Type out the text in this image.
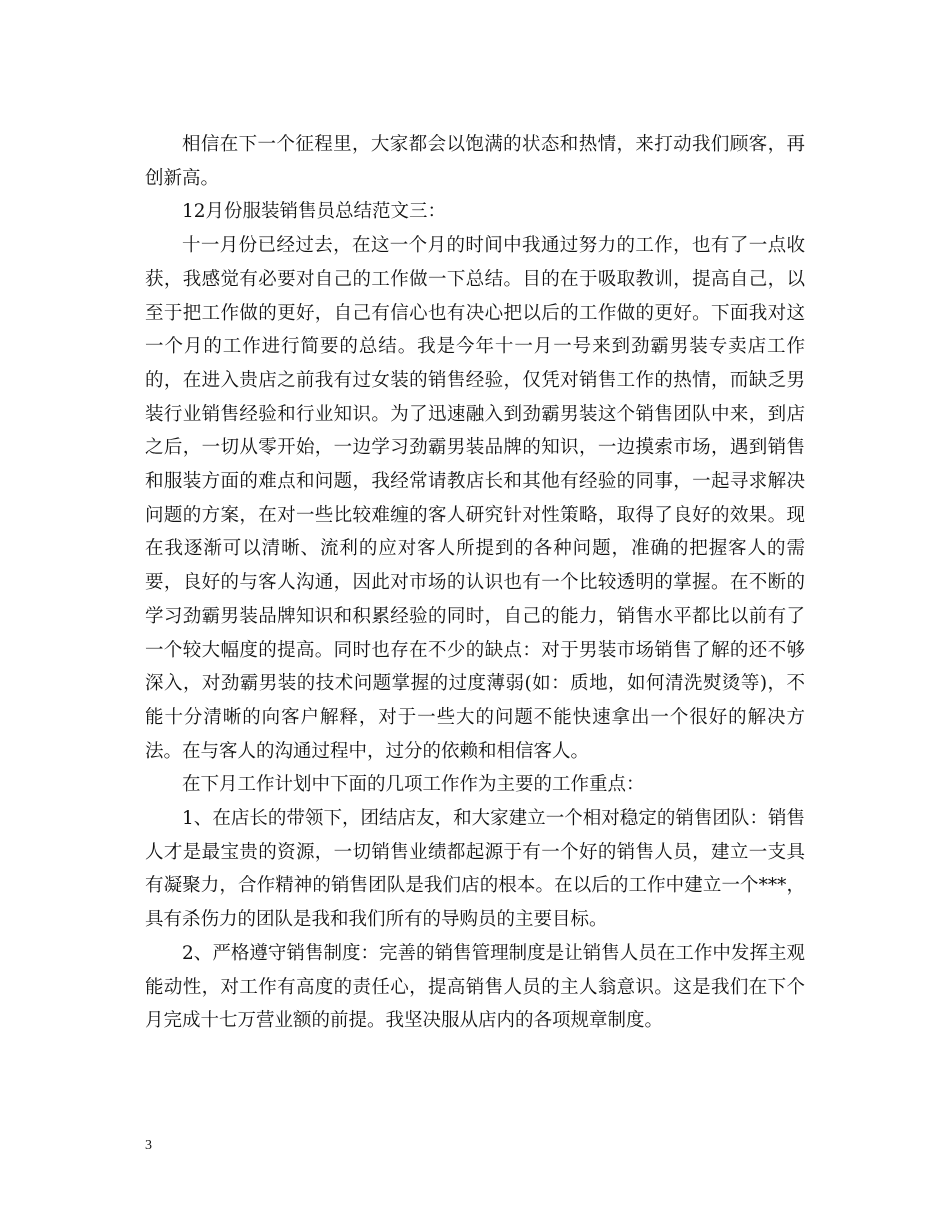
相信在下一个征程里，大家都会以饱满的状态和热情，来打动我们顾客，再创新高。

12月份服装销售员总结范文三：

十一月份已经过去，在这一个月的时间中我通过努力的工作，也有了一点收获，我感觉有必要对自己的工作做一下总结。目的在于吸取教训，提高自己，以至于把工作做的更好，自己有信心也有决心把以后的工作做的更好。下面我对这一个月的工作进行简要的总结。我是今年十一月一号来到劲霸男装专卖店工作的，在进入贵店之前我有过女装的销售经验，仅凭对销售工作的热情，而缺乏男装行业销售经验和行业知识。为了迅速融入到劲霸男装这个销售团队中来，到店之后，一切从零开始，一边学习劲霸男装品牌的知识，一边摸索市场，遇到销售和服装方面的难点和问题，我经常请教店长和其他有经验的同事，一起寻求解决问题的方案，在对一些比较难缠的客人研究针对性策略，取得了良好的效果。现在我逐渐可以清晰、流利的应对客人所提到的各种问题，准确的把握客人的需要，良好的与客人沟通，因此对市场的认识也有一个比较透明的掌握。在不断的学习劲霸男装品牌知识和积累经验的同时，自己的能力，销售水平都比以前有了一个较大幅度的提高。同时也存在不少的缺点：对于男装市场销售了解的还不够深入，对劲霸男装的技术问题掌握的过度薄弱(如：质地，如何清洗熨烫等)，不能十分清晰的向客户解释，对于一些大的问题不能快速拿出一个很好的解决方法。在与客人的沟通过程中，过分的依赖和相信客人。

在下月工作计划中下面的几项工作作为主要的工作重点：

1、在店长的带领下，团结店友，和大家建立一个相对稳定的销售团队：销售人才是最宝贵的资源，一切销售业绩都起源于有一个好的销售人员，建立一支具有凝聚力，合作精神的销售团队是我们店的根本。在以后的工作中建立一个***，具有杀伤力的团队是我和我们所有的导购员的主要目标。

2、严格遵守销售制度：完善的销售管理制度是让销售人员在工作中发挥主观能动性，对工作有高度的责任心，提高销售人员的主人翁意识。这是我们在下个月完成十七万营业额的前提。我坚决服从店内的各项规章制度。

3
